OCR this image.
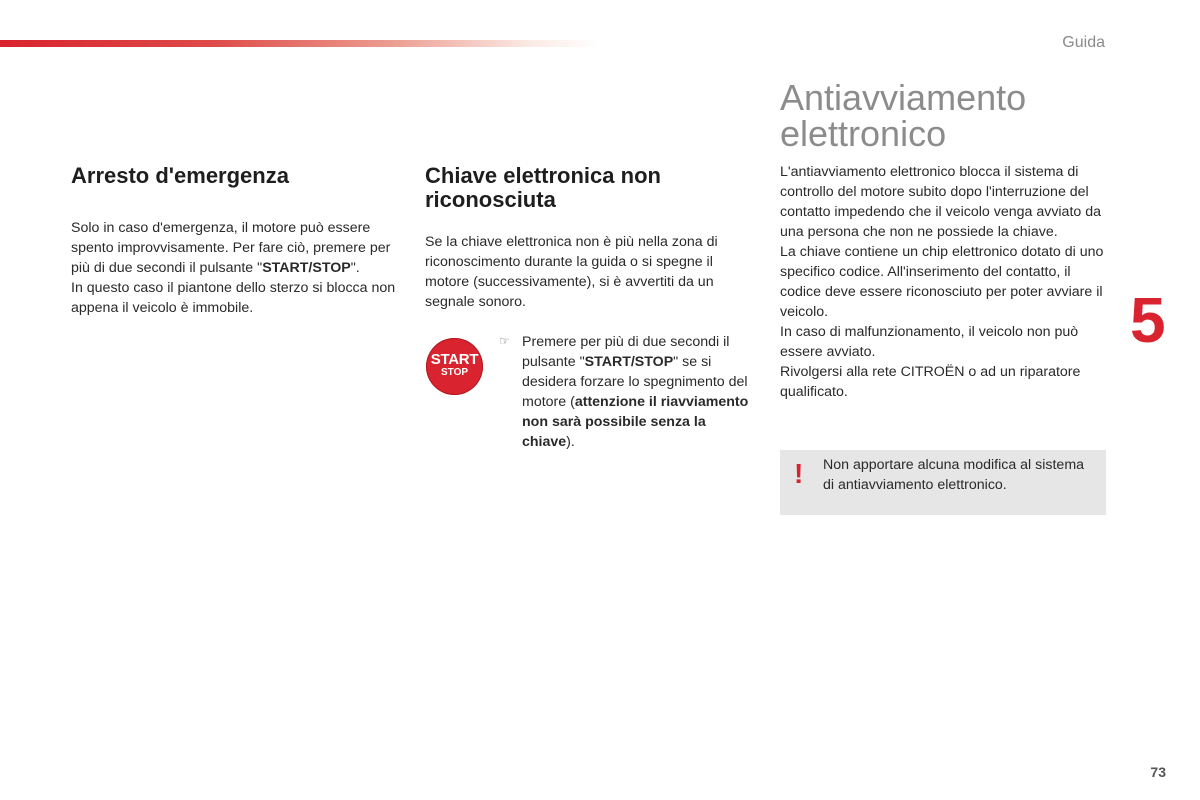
Guida
Arresto d'emergenza

Solo in caso d'emergenza, il motore può essere spento improvvisamente. Per fare ciò, premere per più di due secondi il pulsante "START/STOP".

In questo caso il piantone dello sterzo si blocca non appena il veicolo è immobile.

Chiave elettronica non riconosciuta

Se la chiave elettronica non è più nella zona di riconoscimento durante la guida o si spegne il motore (successivamente), si è avvertiti da un segnale sonoro.

START
STOP
☞ Premere per più di due secondi il pulsante "START/STOP" se si desidera forzare lo spegnimento del motore (attenzione il riavviamento non sarà possibile senza la chiave).

Antiavviamento elettronico

L'antiavviamento elettronico blocca il sistema di controllo del motore subito dopo l'interruzione del contatto impedendo che il veicolo venga avviato da una persona che non ne possiede la chiave.

La chiave contiene un chip elettronico dotato di uno specifico codice. All'inserimento del contatto, il codice deve essere riconosciuto per poter avviare il veicolo.

In caso di malfunzionamento, il veicolo non può essere avviato.

Rivolgersi alla rete CITROËN o ad un riparatore qualificato.

! Non apportare alcuna modifica al sistema di antiavviamento elettronico.
5
73
